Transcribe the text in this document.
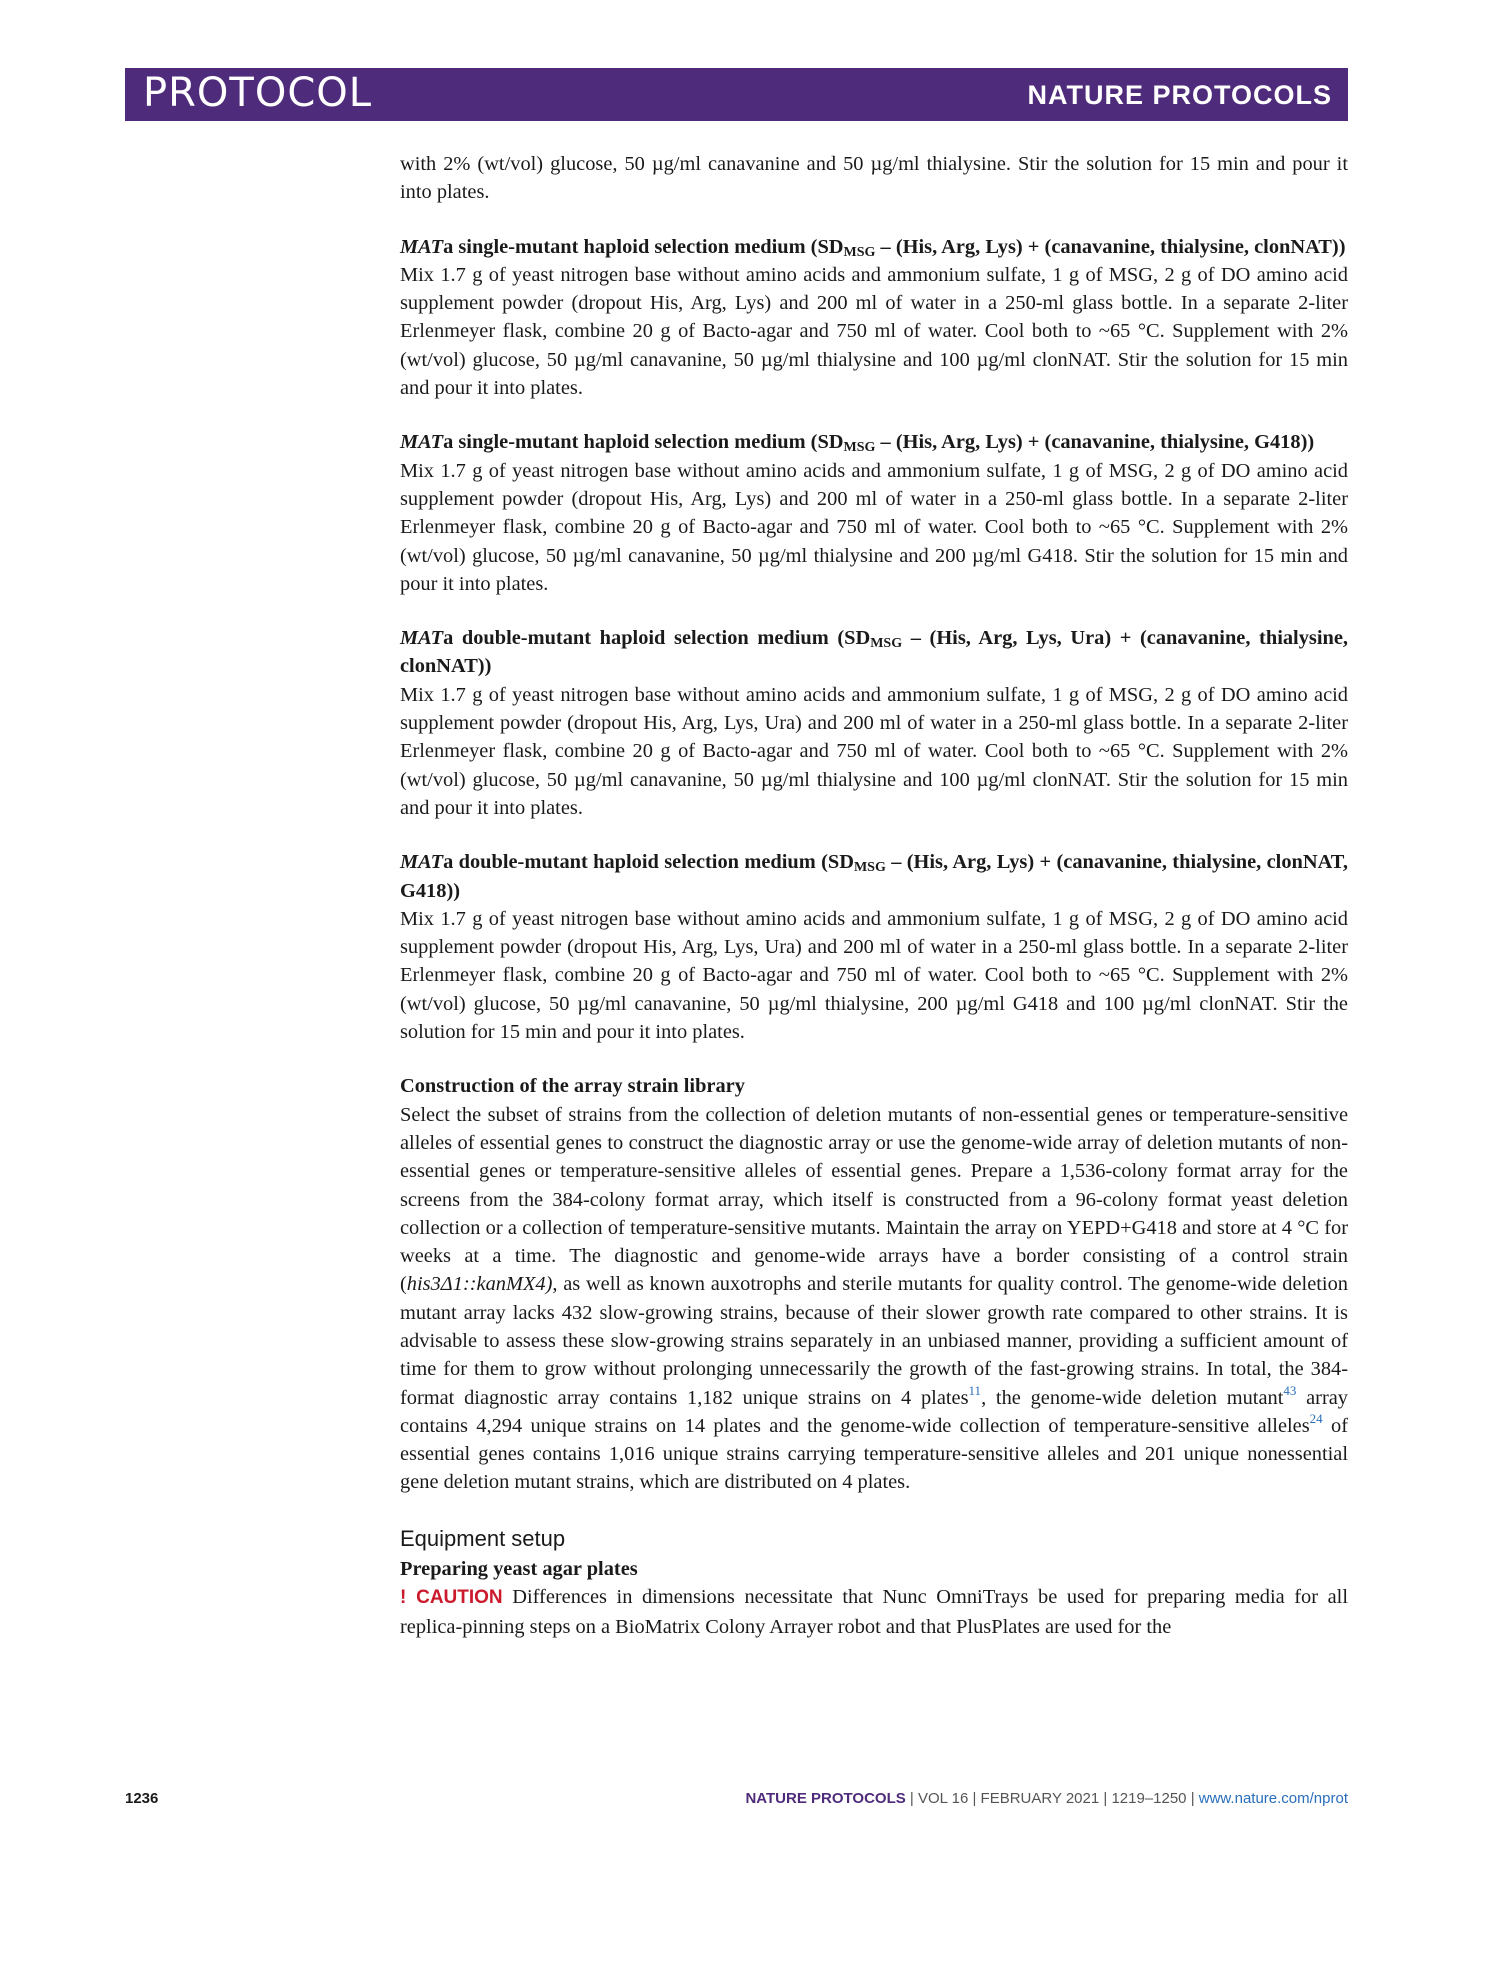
PROTOCOL	NATURE PROTOCOLS

with 2% (wt/vol) glucose, 50 µg/ml canavanine and 50 µg/ml thialysine. Stir the solution for 15 min and pour it into plates.

MATa single-mutant haploid selection medium ($SD_{MSG} - (His$, Arg, Lys) + (canavanine, thialysine, clonNAT))

Mix 1.7 g of yeast nitrogen base without amino acids and ammonium sulfate, 1 g of MSG, 2 g of DO amino acid supplement powder (dropout His, Arg, Lys) and 200 ml of water in a 250-ml glass bottle. In a separate 2-liter Erlenmeyer flask, combine 20 g of Bacto-agar and 750 ml of water. Cool both to ~65 °C. Supplement with 2% (wt/vol) glucose, 50 µg/ml canavanine, 50 µg/ml thialysine and 100 µg/ml clonNAT. Stir the solution for 15 min and pour it into plates.

MATa single-mutant haploid selection medium ($SD_{MSG} - (His$, Arg, Lys) + (canavanine, thialysine, G418))

Mix 1.7 g of yeast nitrogen base without amino acids and ammonium sulfate, 1 g of MSG, 2 g of DO amino acid supplement powder (dropout His, Arg, Lys) and 200 ml of water in a 250-ml glass bottle. In a separate 2-liter Erlenmeyer flask, combine 20 g of Bacto-agar and 750 ml of water. Cool both to ~65 °C. Supplement with 2% (wt/vol) glucose, 50 µg/ml canavanine, 50 µg/ml thialysine and 200 µg/ml G418. Stir the solution for 15 min and pour it into plates.

MATa double-mutant haploid selection medium ($SD_{MSG} - (His$, Arg, Lys, Ura) + (canavanine, thialysine, clonNAT))

Mix 1.7 g of yeast nitrogen base without amino acids and ammonium sulfate, 1 g of MSG, 2 g of DO amino acid supplement powder (dropout His, Arg, Lys, Ura) and 200 ml of water in a 250-ml glass bottle. In a separate 2-liter Erlenmeyer flask, combine 20 g of Bacto-agar and 750 ml of water. Cool both to ~65 °C. Supplement with 2% (wt/vol) glucose, 50 µg/ml canavanine, 50 µg/ml thialysine and 100 µg/ml clonNAT. Stir the solution for 15 min and pour it into plates.

MATa double-mutant haploid selection medium ($SD_{MSG} - (His$, Arg, Lys) + (canavanine, thialysine, clonNAT, G418))

Mix 1.7 g of yeast nitrogen base without amino acids and ammonium sulfate, 1 g of MSG, 2 g of DO amino acid supplement powder (dropout His, Arg, Lys, Ura) and 200 ml of water in a 250-ml glass bottle. In a separate 2-liter Erlenmeyer flask, combine 20 g of Bacto-agar and 750 ml of water. Cool both to ~65 °C. Supplement with 2% (wt/vol) glucose, 50 µg/ml canavanine, 50 µg/ml thialysine, 200 µg/ml G418 and 100 µg/ml clonNAT. Stir the solution for 15 min and pour it into plates.

Construction of the array strain library

Select the subset of strains from the collection of deletion mutants of non-essential genes or temperature-sensitive alleles of essential genes to construct the diagnostic array or use the genome-wide array of deletion mutants of non-essential genes or temperature-sensitive alleles of essential genes. Prepare a 1,536-colony format array for the screens from the 384-colony format array, which itself is constructed from a 96-colony format yeast deletion collection or a collection of temperature-sensitive mutants. Maintain the array on YEPD+G418 and store at 4 °C for weeks at a time. The diagnostic and genome-wide arrays have a border consisting of a control strain (his3Δ1::kanMX4), as well as known auxotrophs and sterile mutants for quality control. The genome-wide deletion mutant array lacks 432 slow-growing strains, because of their slower growth rate compared to other strains. It is advisable to assess these slow-growing strains separately in an unbiased manner, providing a sufficient amount of time for them to grow without prolonging unnecessarily the growth of the fast-growing strains. In total, the 384-format diagnostic array contains 1,182 unique strains on 4 plates$^{11}$, the genome-wide deletion mutant$^{43}$ array contains 4,294 unique strains on 14 plates and the genome-wide collection of temperature-sensitive alleles$^{24}$ of essential genes contains 1,016 unique strains carrying temperature-sensitive alleles and 201 unique nonessential gene deletion mutant strains, which are distributed on 4 plates.

Equipment setup

Preparing yeast agar plates

! CAUTION Differences in dimensions necessitate that Nunc OmniTrays be used for preparing media for all replica-pinning steps on a BioMatrix Colony Arrayer robot and that PlusPlates are used for the

1236	NATURE PROTOCOLS | VOL 16 | FEBRUARY 2021 | 1219–1250 | www.nature.com/nprot
